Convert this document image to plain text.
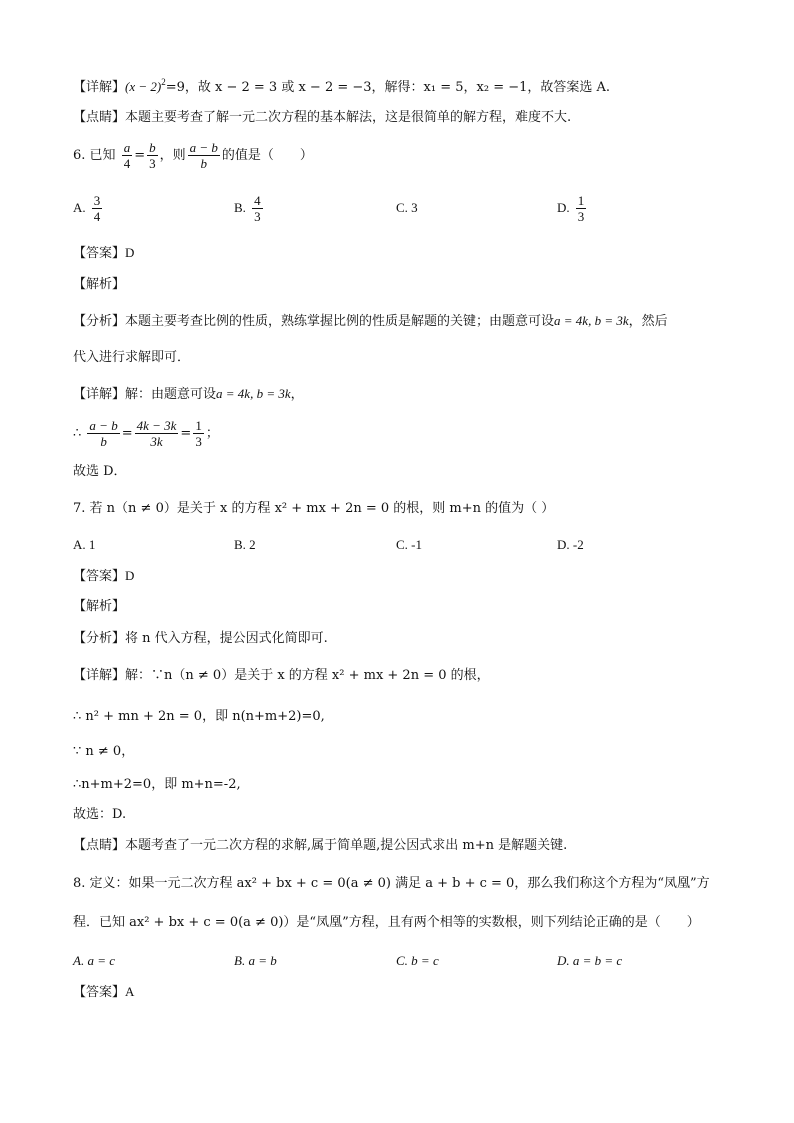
【详解】$(x - 2)^2=9$，故 x − 2 = 3 或 x − 2 = −3，解得：x₁ = 5，x₂ = −1，故答案选 A.
【点睛】本题主要考查了解一元二次方程的基本解法，这是很简单的解方程，难度不大.
6. 已知 $\frac{a}{4} = \frac{b}{3}$ ，则 $\frac{a - b}{b}$ 的值是（　　）
A. $\frac{3}{4}$	B. $\frac{4}{3}$	C. 3	D. $\frac{1}{3}$
【答案】D
【解析】
【分析】本题主要考查比例的性质，熟练掌握比例的性质是解题的关键；由题意可设a = 4k, b = 3k，然后
代入进行求解即可．
【详解】解：由题意可设a = 4k, b = 3k，
∴ $\frac{a - b}{b} = \frac{4k - 3k}{3k} = \frac{1}{3}$ ；
故选 D．
7. 若 n（n ≠ 0）是关于 x 的方程 x² + mx + 2n = 0 的根，则 m+n 的值为（ ）
A. 1	B. 2	C. -1	D. -2
【答案】D
【解析】
【分析】将 n 代入方程，提公因式化简即可.
【详解】解：∵n（n ≠ 0）是关于 x 的方程 x² + mx + 2n = 0 的根，
∴ n² + mn + 2n = 0，即 n(n+m+2)=0,
∵ n ≠ 0，
∴n+m+2=0，即 m+n=-2,
故选：D.
【点睛】本题考查了一元二次方程的求解,属于简单题,提公因式求出 m+n 是解题关键.
8. 定义：如果一元二次方程 ax² + bx + c = 0(a ≠ 0) 满足 a + b + c = 0，那么我们称这个方程为“凤凰”方
程．已知 ax² + bx + c = 0(a ≠ 0)）是“凤凰”方程，且有两个相等的实数根，则下列结论正确的是（　　）
A. a = c	B. a = b	C. b = c	D. a = b = c
【答案】A
